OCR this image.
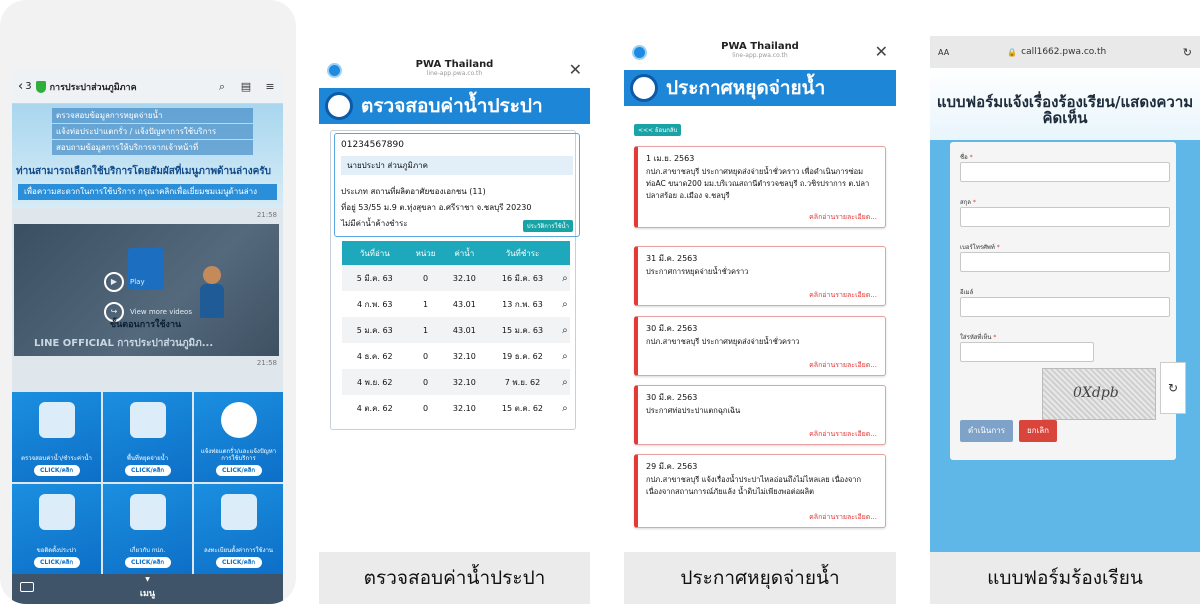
‹ 3 การประปาส่วนภูมิภาค	⌕	▤ ≡
ตรวจสอบข้อมูลการหยุดจ่ายน้ำ
แจ้งท่อประปาแตกรั่ว / แจ้งปัญหาการใช้บริการ
สอบถามข้อมูลการให้บริการจากเจ้าหน้าที่
ท่านสามารถเลือกใช้บริการโดยสัมผัสที่เมนูภาพด้านล่างครับ
เพื่อความสะดวกในการใช้บริการ กรุณาคลิกเพื่อเยี่ยมชมเมนูด้านล่าง
21:58
▶	Play
↪	View more videos
ขั้นตอนการใช้งาน
LINE OFFICIAL การประปาส่วนภูมิภ...
21:58
ตรวจสอบค่าน้ำ/ชำระค่าน้ำ
CLICK/คลิก
พื้นที่หยุดจ่ายน้ำ
CLICK/คลิก
แจ้งท่อแตกรั่ว/และแจ้งปัญหาการใช้บริการ
CLICK/คลิก
ขอติดตั้งประปา
CLICK/คลิก
เกี่ยวกับ กปภ.
CLICK/คลิก
ลงทะเบียนตั้งค่าการใช้งาน
CLICK/คลิก
▼
เมนู
PWA Thailand
line-app.pwa.co.th	✕
ตรวจสอบค่าน้ำประปา
01234567890
นายประปา ส่วนภูมิภาค
ประเภท สถานที่ผลิตอาศัยของเอกชน (11)
ที่อยู่ 53/55 ม.9 ต.ทุ่งสุขลา อ.ศรีราชา จ.ชลบุรี 20230
ไม่มีค่าน้ำค้างชำระ	ประวัติการใช้น้ำ
วันที่อ่าน	หน่วย	ค่าน้ำ	วันที่ชำระ	
5 มี.ค. 63	0	32.10	16 มี.ค. 63	⌕
4 ก.พ. 63	1	43.01	13 ก.พ. 63	⌕
5 ม.ค. 63	1	43.01	15 ม.ค. 63	⌕
4 ธ.ค. 62	0	32.10	19 ธ.ค. 62	⌕
4 พ.ย. 62	0	32.10	7 พ.ย. 62	⌕
4 ต.ค. 62	0	32.10	15 ต.ค. 62	⌕
ตรวจสอบค่าน้ำประปา
PWA Thailand
line-app.pwa.co.th	✕
ประกาศหยุดจ่ายน้ำ
<<< ย้อนกลับ
1 เม.ย. 2563
กปภ.สาขาชลบุรี ประกาศหยุดส่งจ่ายน้ำชั่วคราว เพื่อดำเนินการซ่อมท่อAC ขนาด200 มม.บริเวณสถานีตำรวจชลบุรี ถ.วชิรปราการ ต.ปลาปลาสร้อย อ.เมือง จ.ชลบุรี
คลิกอ่านรายละเอียด...
31 มี.ค. 2563
ประกาศการหยุดจ่ายน้ำชั่วคราว
คลิกอ่านรายละเอียด...
30 มี.ค. 2563
กปภ.สาขาชลบุรี ประกาศหยุดส่งจ่ายน้ำชั่วคราว
คลิกอ่านรายละเอียด...
30 มี.ค. 2563
ประกาศท่อประปาแตกฉุกเฉิน
คลิกอ่านรายละเอียด...
29 มี.ค. 2563
กปภ.สาขาชลบุรี แจ้งเรื่องน้ำประปาไหลอ่อนถึงไม่ไหลเลย เนื่องจากเนื่องจากสถานการณ์ภัยแล้ง น้ำดิบไม่เพียงพอต่อผลิต
คลิกอ่านรายละเอียด...
ประกาศหยุดจ่ายน้ำ
AA	🔒 call1662.pwa.co.th	↻
แบบฟอร์มแจ้งเรื่องร้องเรียน/แสดงความคิดเห็น
ชื่อ *
สกุล *
เบอร์โทรศัพท์ *
อีเมล์
ใส่รหัสที่เห็น *
0Xdpb
ดำเนินการ	ยกเลิก
↻
แบบฟอร์มร้องเรียน
